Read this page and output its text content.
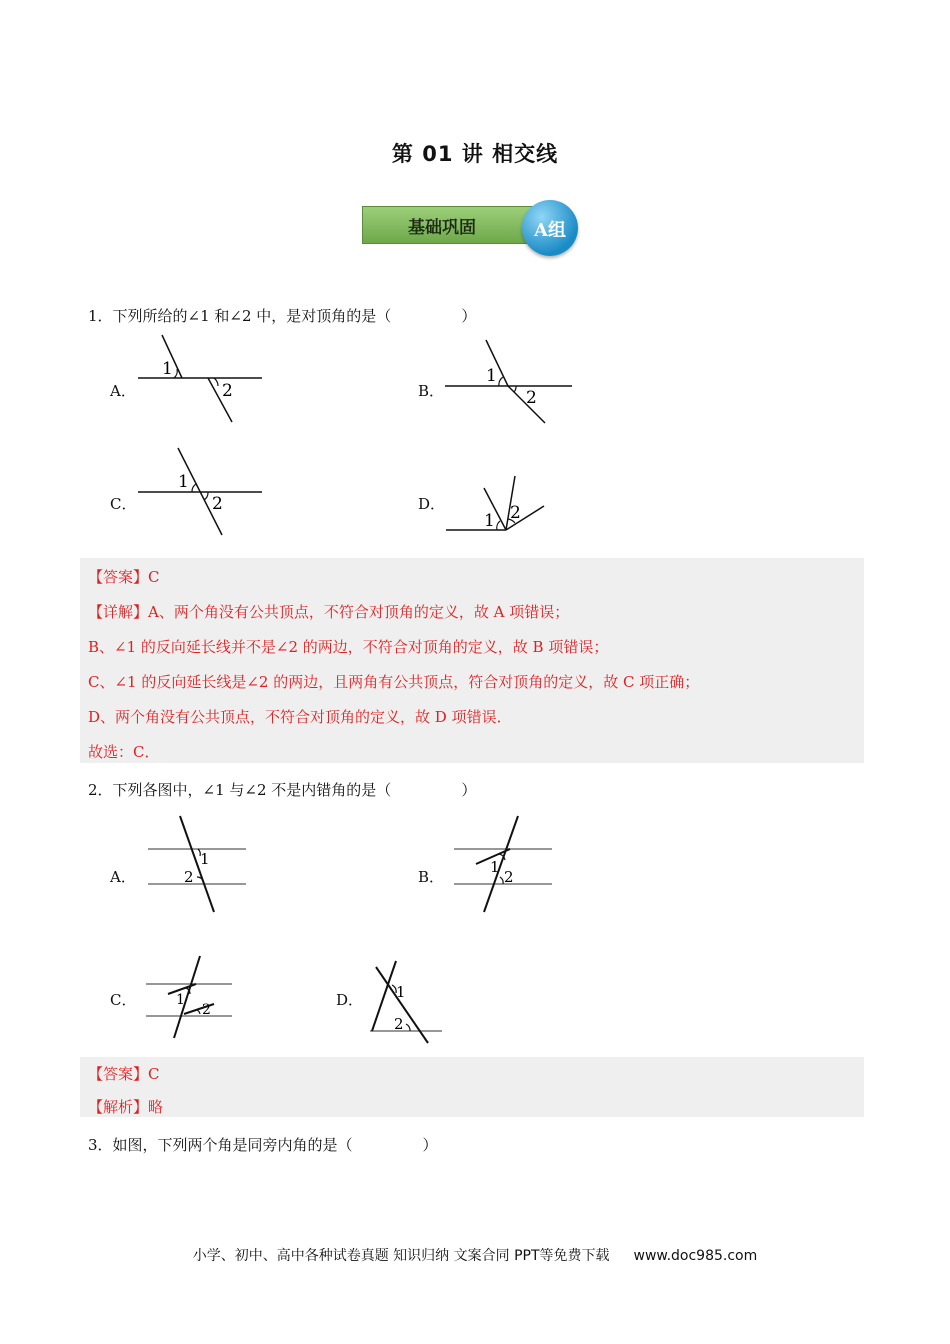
第 01 讲 相交线
基础巩固	A组
1．下列所给的∠1 和∠2 中，是对顶角的是（	）
A．	B．
C．	D．
1
2
1
2
1
2
1 2
【答案】C
【详解】A、两个角没有公共顶点，不符合对顶角的定义，故 A 项错误；
B、∠1 的反向延长线并不是∠2 的两边，不符合对顶角的定义，故 B 项错误；
C、∠1 的反向延长线是∠2 的两边，且两角有公共顶点，符合对顶角的定义，故 C 项正确；
D、两个角没有公共顶点，不符合对顶角的定义，故 D 项错误．
故选：C．
2．下列各图中，∠1 与∠2 不是内错角的是（	）
A．	B．
C．	D．
1
2
1
2
1
2
1
2
【答案】C
【解析】略
3．如图，下列两个角是同旁内角的是（	）
小学、初中、高中各种试卷真题 知识归纳 文案合同 PPT等免费下载 www.doc985.com
